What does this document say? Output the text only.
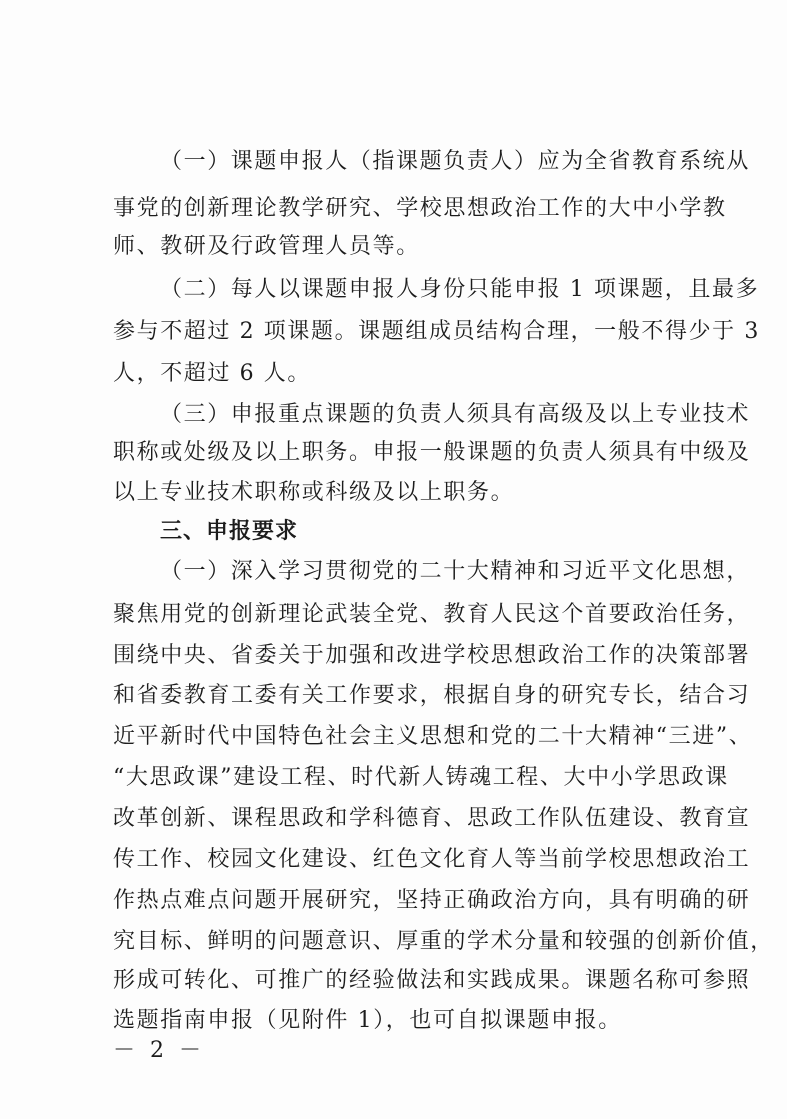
（一）课题申报人（指课题负责人）应为全省教育系统从
事党的创新理论教学研究、学校思想政治工作的大中小学教
师、教研及行政管理人员等。
（二）每人以课题申报人身份只能申报 1 项课题，且最多
参与不超过 2 项课题。课题组成员结构合理，一般不得少于 3
人，不超过 6 人。
（三）申报重点课题的负责人须具有高级及以上专业技术
职称或处级及以上职务。申报一般课题的负责人须具有中级及
以上专业技术职称或科级及以上职务。
三、申报要求
（一）深入学习贯彻党的二十大精神和习近平文化思想，
聚焦用党的创新理论武装全党、教育人民这个首要政治任务，
围绕中央、省委关于加强和改进学校思想政治工作的决策部署
和省委教育工委有关工作要求，根据自身的研究专长，结合习
近平新时代中国特色社会主义思想和党的二十大精神“三进”、
“大思政课”建设工程、时代新人铸魂工程、大中小学思政课
改革创新、课程思政和学科德育、思政工作队伍建设、教育宣
传工作、校园文化建设、红色文化育人等当前学校思想政治工
作热点难点问题开展研究，坚持正确政治方向，具有明确的研
究目标、鲜明的问题意识、厚重的学术分量和较强的创新价值，
形成可转化、可推广的经验做法和实践成果。课题名称可参照
选题指南申报（见附件 1），也可自拟课题申报。
－ 2 －
